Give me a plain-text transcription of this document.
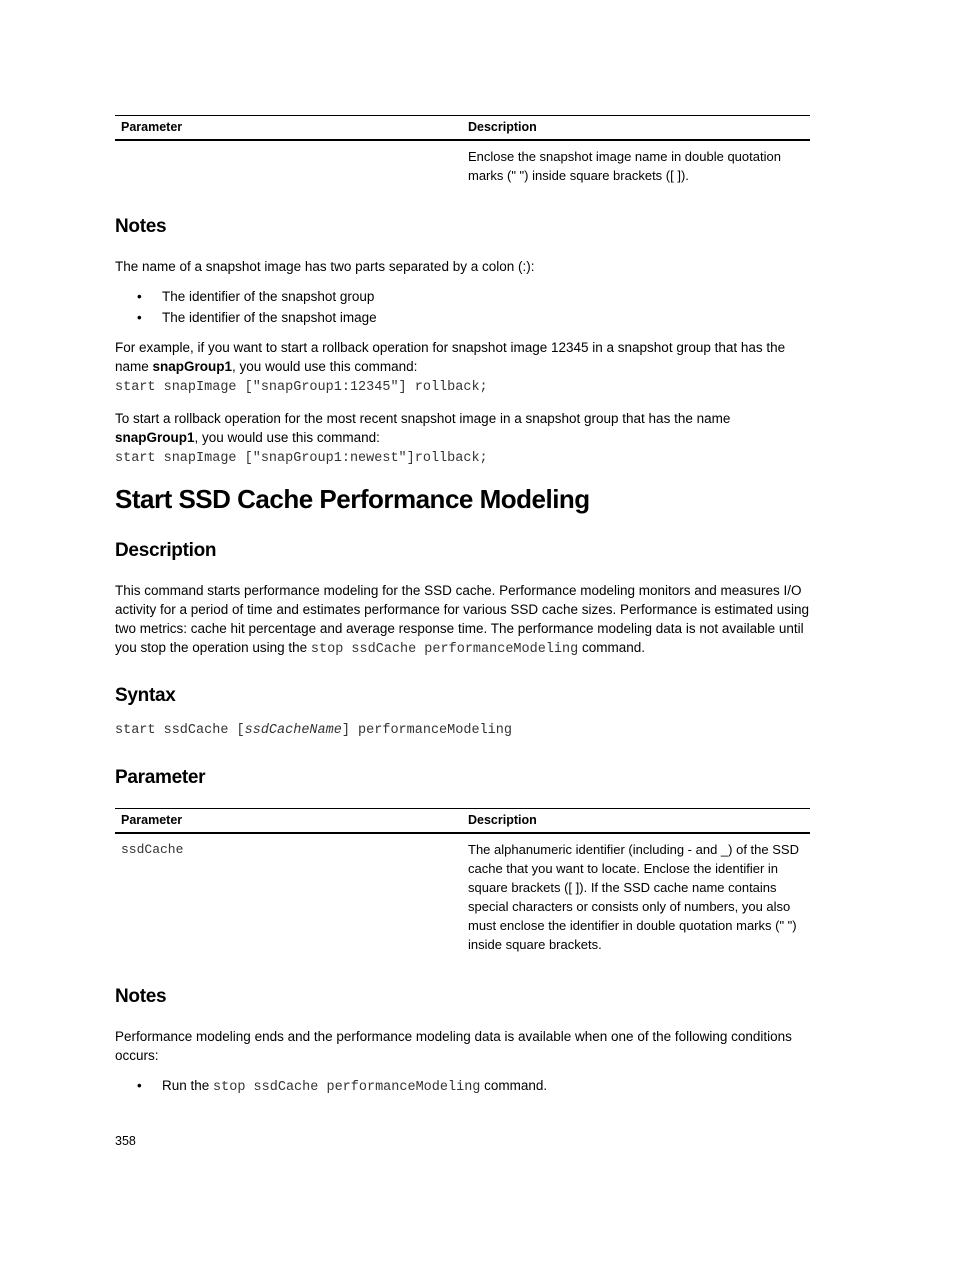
Parameter	Description
	Enclose the snapshot image name in double quotation marks (" ") inside square brackets ([ ]).
Notes
The name of a snapshot image has two parts separated by a colon (:):
• The identifier of the snapshot group
• The identifier of the snapshot image
For example, if you want to start a rollback operation for snapshot image 12345 in a snapshot group that has the name snapGroup1, you would use this command:
start snapImage ["snapGroup1:12345"] rollback;
To start a rollback operation for the most recent snapshot image in a snapshot group that has the name snapGroup1, you would use this command:
start snapImage ["snapGroup1:newest"]rollback;
Start SSD Cache Performance Modeling
Description
This command starts performance modeling for the SSD cache. Performance modeling monitors and measures I/O activity for a period of time and estimates performance for various SSD cache sizes. Performance is estimated using two metrics: cache hit percentage and average response time. The performance modeling data is not available until you stop the operation using the stop ssdCache performanceModeling command.
Syntax
start ssdCache [ssdCacheName] performanceModeling
Parameter
Parameter	Description
ssdCache	The alphanumeric identifier (including - and _) of the SSD cache that you want to locate. Enclose the identifier in square brackets ([ ]). If the SSD cache name contains special characters or consists only of numbers, you also must enclose the identifier in double quotation marks (" ") inside square brackets.
Notes
Performance modeling ends and the performance modeling data is available when one of the following conditions occurs:
• Run the stop ssdCache performanceModeling command.
358
